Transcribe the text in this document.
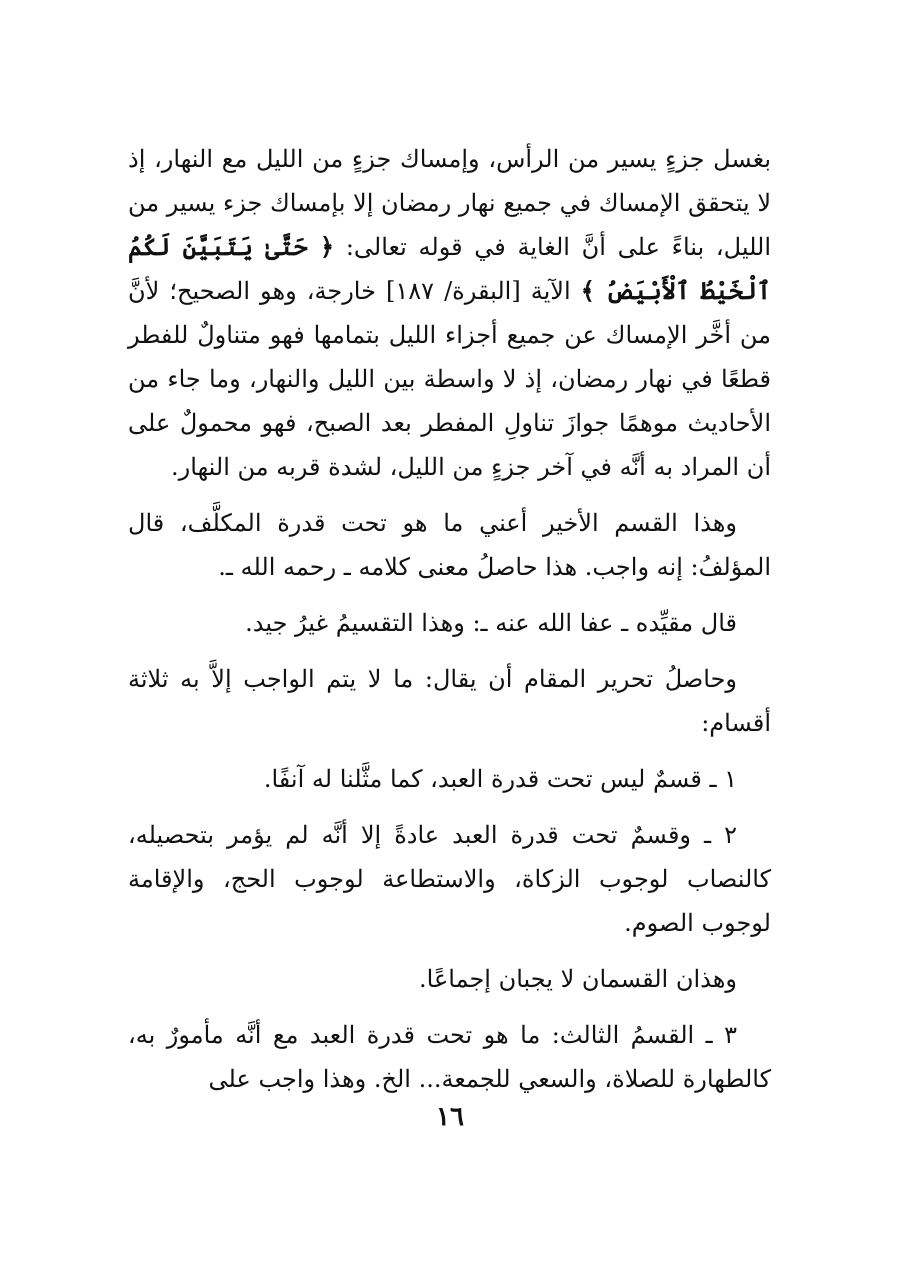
بغسل جزءٍ يسير من الرأس، وإمساك جزءٍ من الليل مع النهار، إذ لا يتحقق الإمساك في جميع نهار رمضان إلا بإمساك جزء يسير من الليل، بناءً على أنَّ الغاية في قوله تعالى: ﴿ حَتَّىٰ يَتَبَيَّنَ لَكُمُ ٱلْخَيْطُ ٱلْأَبْيَضُ ﴾ الآية [البقرة/ ١٨٧] خارجة، وهو الصحيح؛ لأنَّ من أخَّر الإمساك عن جميع أجزاء الليل بتمامها فهو متناولٌ للفطر قطعًا في نهار رمضان، إذ لا واسطة بين الليل والنهار، وما جاء من الأحاديث موهمًا جوازَ تناولِ المفطر بعد الصبح، فهو محمولٌ على أن المراد به أنَّه في آخر جزءٍ من الليل، لشدة قربه من النهار.

وهذا القسم الأخير أعني ما هو تحت قدرة المكلَّف، قال المؤلفُ: إنه واجب. هذا حاصلُ معنى كلامه ـ رحمه الله ـ.

قال مقيِّده ـ عفا الله عنه ـ: وهذا التقسيمُ غيرُ جيد.

وحاصلُ تحرير المقام أن يقال: ما لا يتم الواجب إلاَّ به ثلاثة أقسام:

١ ـ قسمٌ ليس تحت قدرة العبد، كما مثَّلنا له آنفًا.

٢ ـ وقسمٌ تحت قدرة العبد عادةً إلا أنَّه لم يؤمر بتحصيله، كالنصاب لوجوب الزكاة، والاستطاعة لوجوب الحج، والإقامة لوجوب الصوم.

وهذان القسمان لا يجبان إجماعًا.

٣ ـ القسمُ الثالث: ما هو تحت قدرة العبد مع أنَّه مأمورٌ به، كالطهارة للصلاة، والسعي للجمعة... الخ. وهذا واجب على

١٦
